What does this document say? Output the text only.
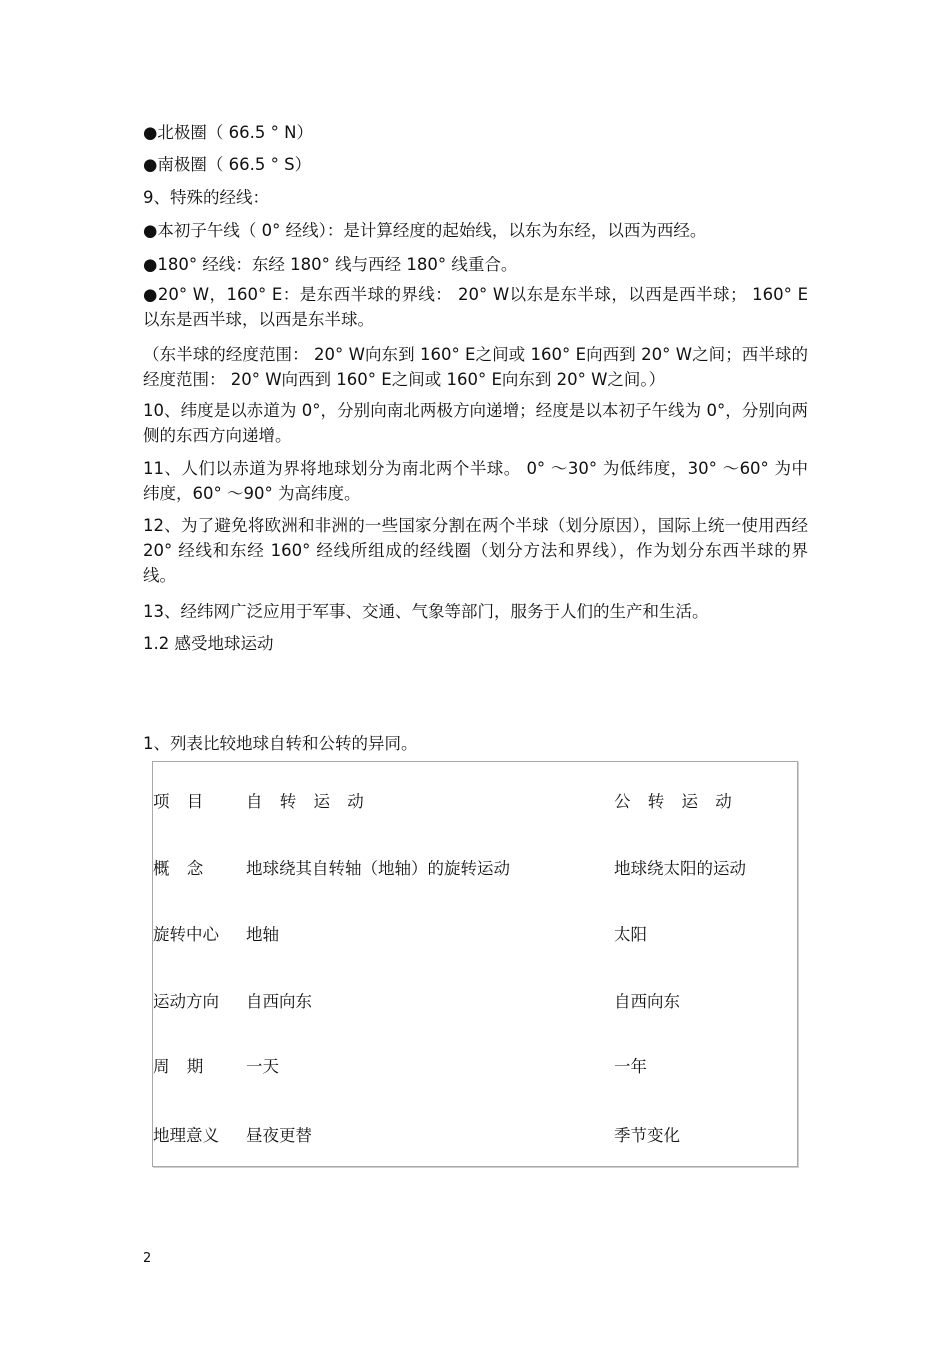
●北极圈（ 66.5 ° N）
●南极圈（ 66.5 ° S）
9、特殊的经线：
●本初子午线（ 0° 经线）：是计算经度的起始线，以东为东经，以西为西经。
●180° 经线：东经 180° 线与西经 180° 线重合。
●20° W，160° E：是东西半球的界线： 20° W以东是东半球，以西是西半球； 160° E以东是西半球，以西是东半球。
（东半球的经度范围： 20° W向东到 160° E之间或 160° E向西到 20° W之间；西半球的经度范围： 20° W向西到 160° E之间或 160° E向东到 20° W之间。）
10、纬度是以赤道为 0°，分别向南北两极方向递增；经度是以本初子午线为 0°，分别向两侧的东西方向递增。
11、人们以赤道为界将地球划分为南北两个半球。 0° ～30° 为低纬度，30° ～60° 为中纬度，60° ～90° 为高纬度。
12、为了避免将欧洲和非洲的一些国家分割在两个半球（划分原因），国际上统一使用西经 20° 经线和东经 160° 经线所组成的经线圈（划分方法和界线），作为划分东西半球的界线。
13、经纬网广泛应用于军事、交通、气象等部门，服务于人们的生产和生活。
1.2 感受地球运动
1、列表比较地球自转和公转的异同。
项 目 自 转 运 动	公 转 运 动
概 念 地球绕其自转轴（地轴）的旋转运动	地球绕太阳的运动
旋转中心 地轴	太阳
运动方向 自西向东	自西向东
周 期 一天	一年
地理意义 昼夜更替	季节变化
2
